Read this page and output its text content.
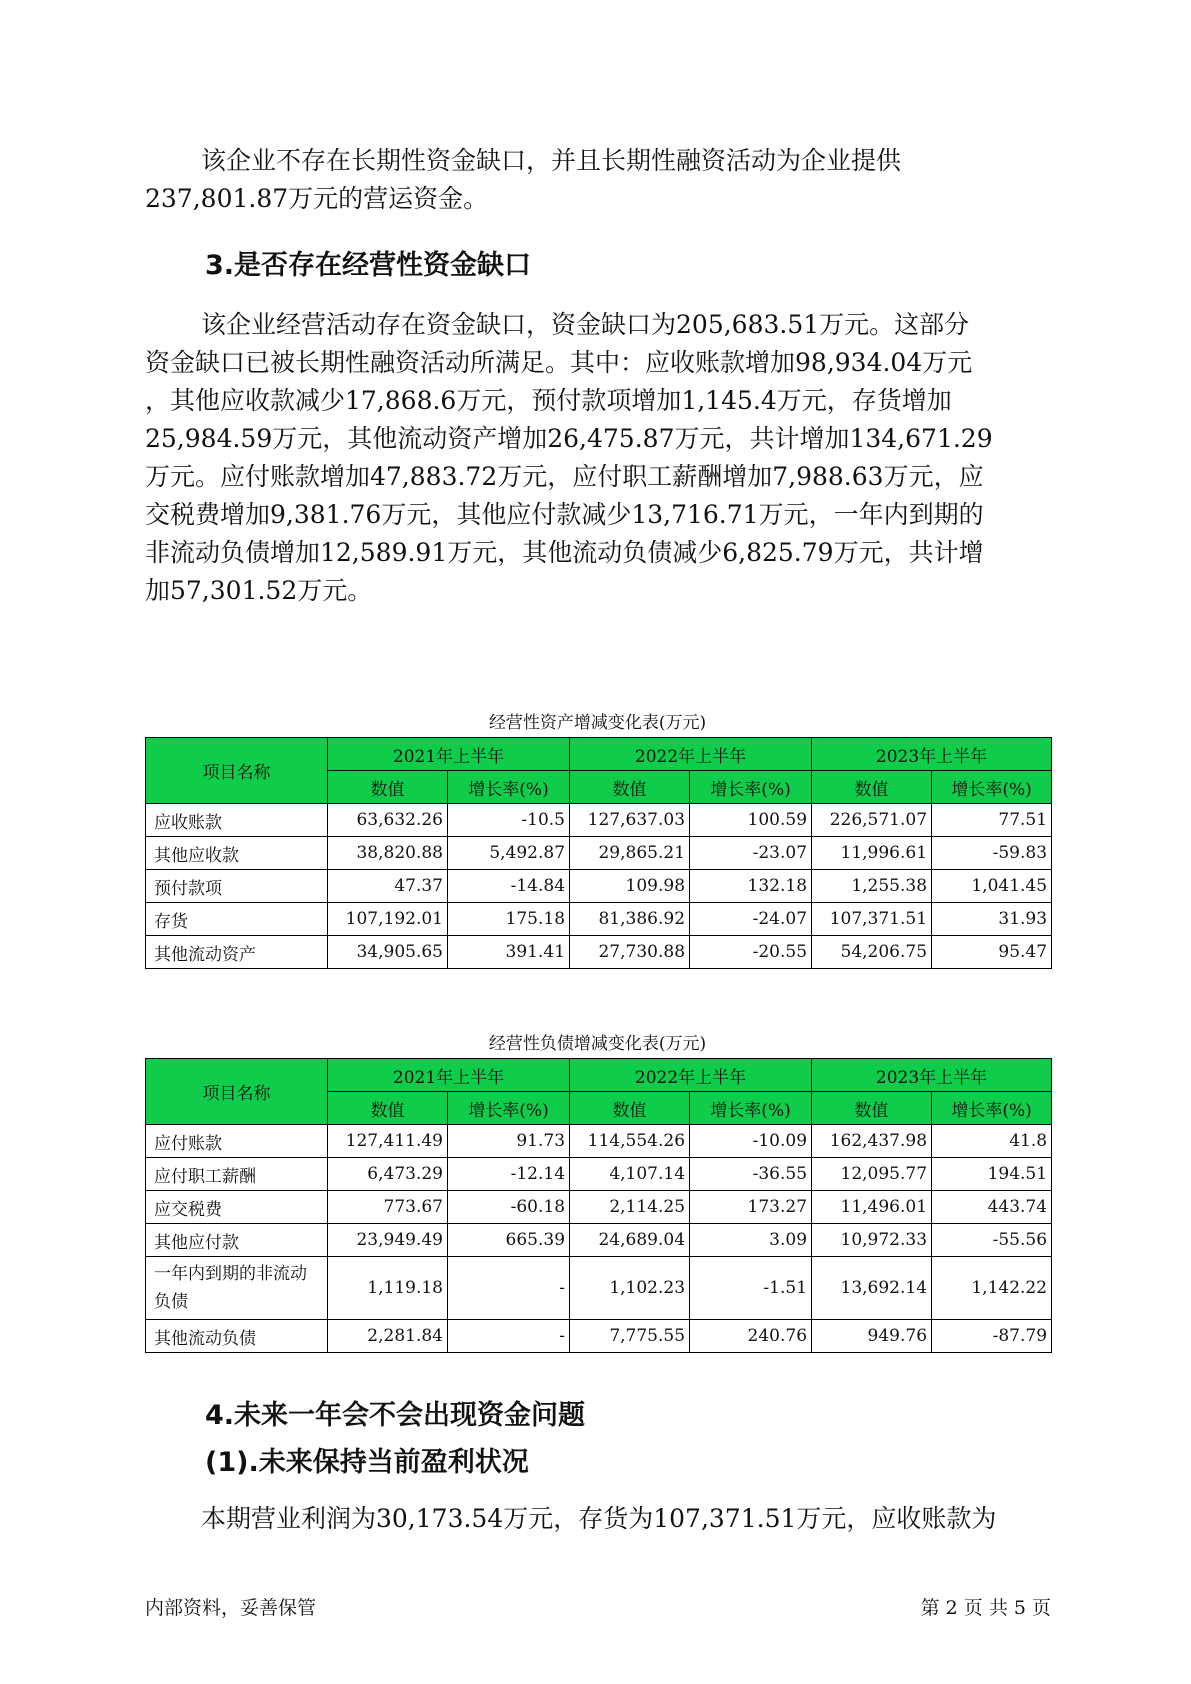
该企业不存在长期性资金缺口，并且长期性融资活动为企业提供
237,801.87万元的营运资金。
3.是否存在经营性资金缺口
该企业经营活动存在资金缺口，资金缺口为205,683.51万元。这部分
资金缺口已被长期性融资活动所满足。其中：应收账款增加98,934.04万元
，其他应收款减少17,868.6万元，预付款项增加1,145.4万元，存货增加
25,984.59万元，其他流动资产增加26,475.87万元，共计增加134,671.29
万元。应付账款增加47,883.72万元，应付职工薪酬增加7,988.63万元，应
交税费增加9,381.76万元，其他应付款减少13,716.71万元，一年内到期的
非流动负债增加12,589.91万元，其他流动负债减少6,825.79万元，共计增
加57,301.52万元。

经营性资产增减变化表(万元)

项目名称	2021年上半年		2022年上半年		2023年上半年	
	数值	增长率(%)	数值	增长率(%)	数值	增长率(%)
应收账款	63,632.26	-10.5	127,637.03	100.59	226,571.07	77.51
其他应收款	38,820.88	5,492.87	29,865.21	-23.07	11,996.61	-59.83
预付款项	47.37	-14.84	109.98	132.18	1,255.38	1,041.45
存货	107,192.01	175.18	81,386.92	-24.07	107,371.51	31.93
其他流动资产	34,905.65	391.41	27,730.88	-20.55	54,206.75	95.47

经营性负债增减变化表(万元)

项目名称	2021年上半年		2022年上半年		2023年上半年	
	数值	增长率(%)	数值	增长率(%)	数值	增长率(%)
应付账款	127,411.49	91.73	114,554.26	-10.09	162,437.98	41.8
应付职工薪酬	6,473.29	-12.14	4,107.14	-36.55	12,095.77	194.51
应交税费	773.67	-60.18	2,114.25	173.27	11,496.01	443.74
其他应付款	23,949.49	665.39	24,689.04	3.09	10,972.33	-55.56
一年内到期的非流动负债	1,119.18	-	1,102.23	-1.51	13,692.14	1,142.22
其他流动负债	2,281.84	-	7,775.55	240.76	949.76	-87.79
4.未来一年会不会出现资金问题
(1).未来保持当前盈利状况
本期营业利润为30,173.54万元，存货为107,371.51万元，应收账款为

内部资料，妥善保管	第 2 页 共 5 页
